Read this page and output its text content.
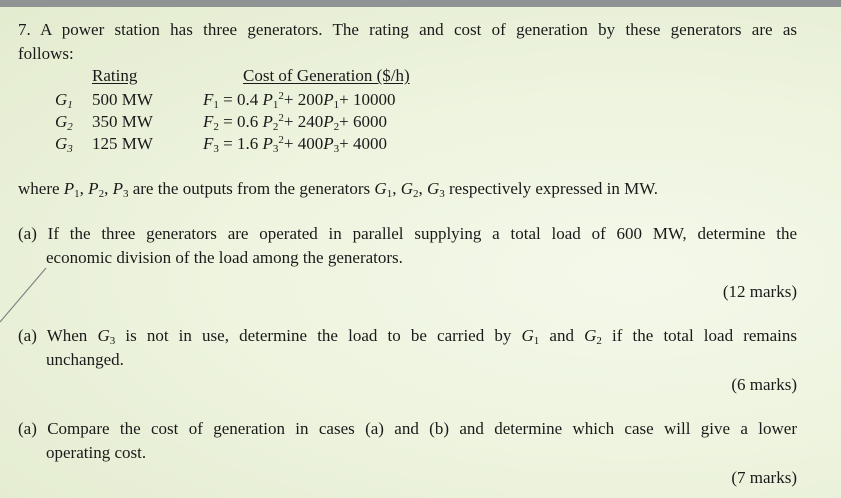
7. A power station has three generators. The rating and cost of generation by these generators are as
follows:
Rating	Cost of Generation ($/h)
$G_1$ 500 MW	$F_1 = 0.4$ $P_1^2+ 200P_1+ 10000$
$G_2$ 350 MW	$F_2 = 0.6$ $P_2^2+ 240P_2+ 6000$
$G_3$ 125 MW	$F_3 = 1.6$ $P_3^2+ 400P_3+ 4000$
where $P_1$, $P_2$, $P_3$ are the outputs from the generators $G_1$, $G_2$, $G_3$ respectively expressed in MW.
(a) If the three generators are operated in parallel supplying a total load of 600 MW, determine the
economic division of the load among the generators.
(12 marks)
(a) When $G_3$ is not in use, determine the load to be carried by $G_1$ and $G_2$ if the total load remains
unchanged.
(6 marks)
(a) Compare the cost of generation in cases (a) and (b) and determine which case will give a lower
operating cost.
(7 marks)
